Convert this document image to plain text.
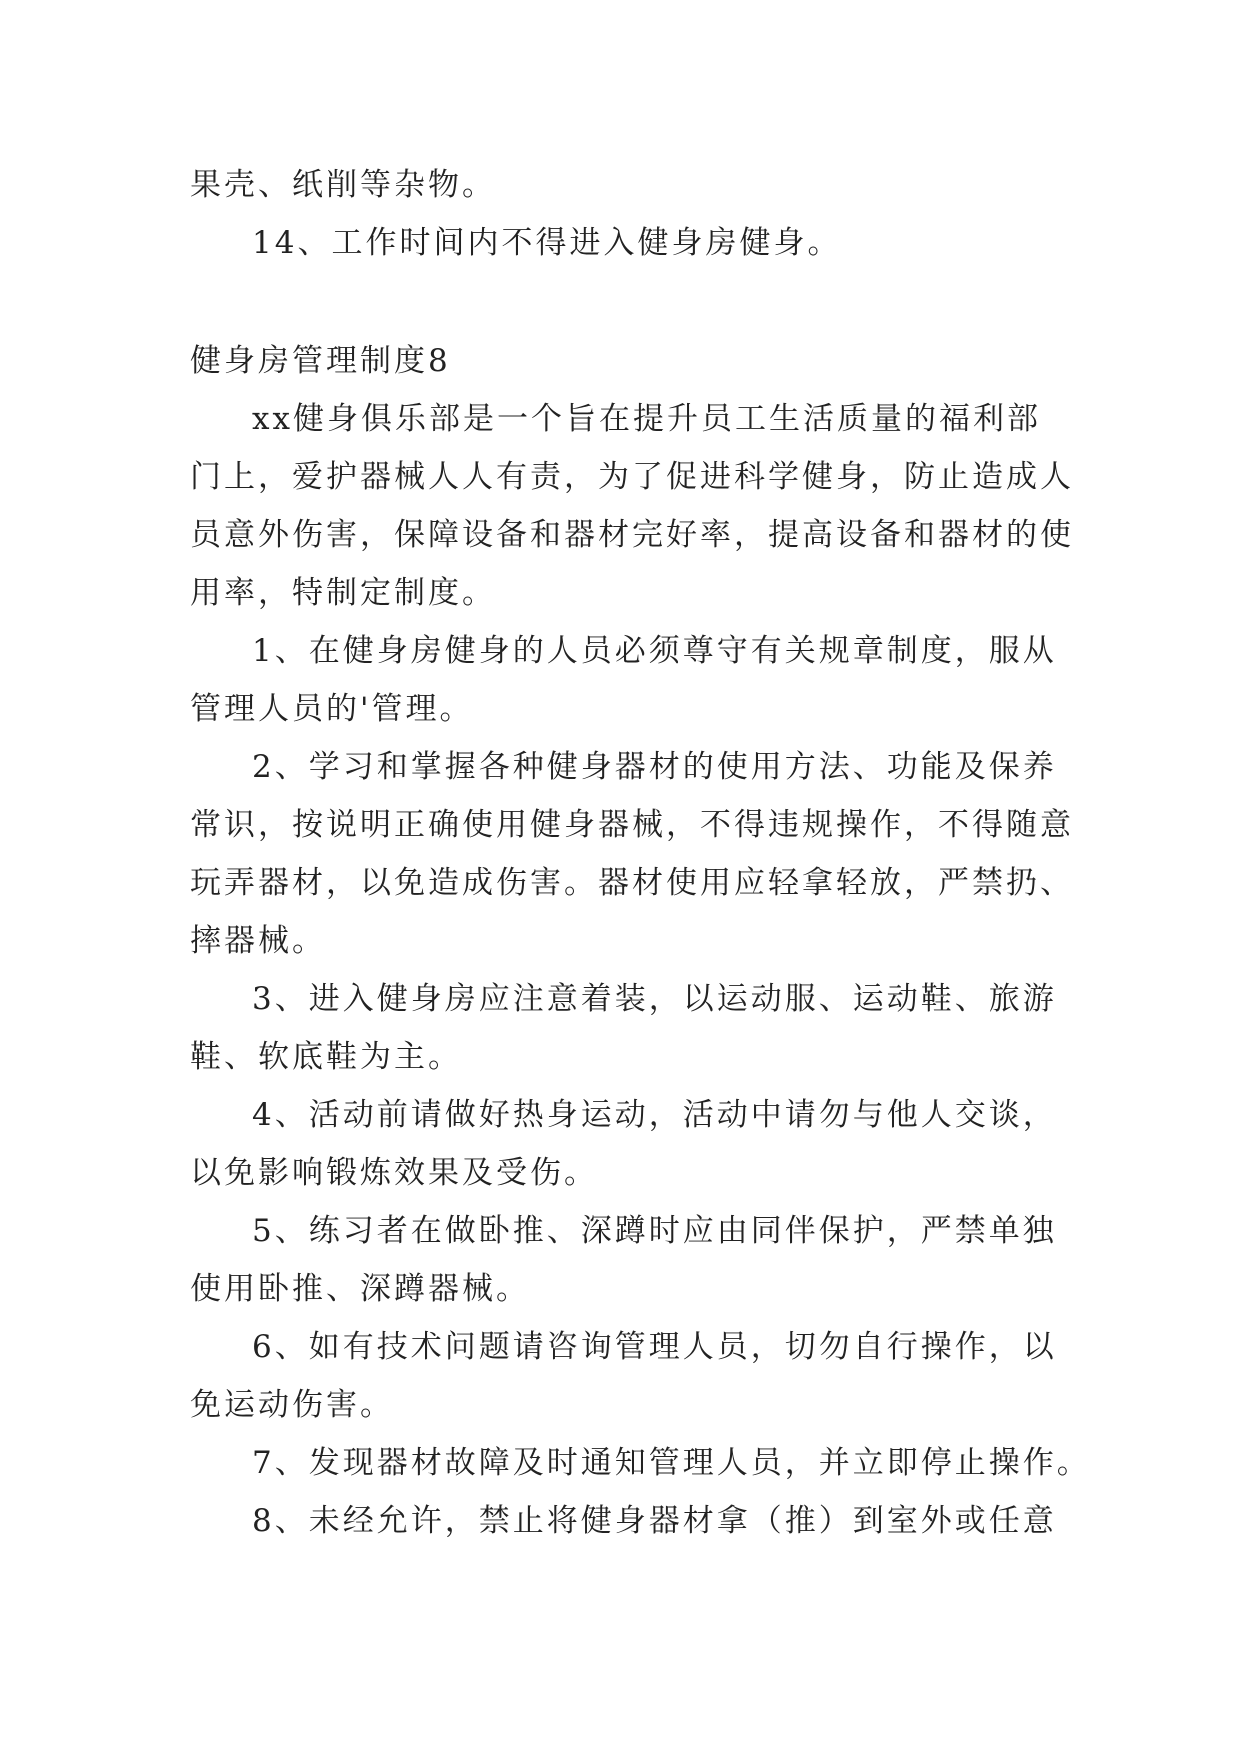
果壳、纸削等杂物。
14、工作时间内不得进入健身房健身。
健身房管理制度8
xx健身俱乐部是一个旨在提升员工生活质量的福利部
门上，爱护器械人人有责，为了促进科学健身，防止造成人
员意外伤害，保障设备和器材完好率，提高设备和器材的使
用率，特制定制度。
1、在健身房健身的人员必须尊守有关规章制度，服从
管理人员的'管理。
2、学习和掌握各种健身器材的使用方法、功能及保养
常识，按说明正确使用健身器械，不得违规操作，不得随意
玩弄器材，以免造成伤害。器材使用应轻拿轻放，严禁扔、
摔器械。
3、进入健身房应注意着装，以运动服、运动鞋、旅游
鞋、软底鞋为主。
4、活动前请做好热身运动，活动中请勿与他人交谈，
以免影响锻炼效果及受伤。
5、练习者在做卧推、深蹲时应由同伴保护，严禁单独
使用卧推、深蹲器械。
6、如有技术问题请咨询管理人员，切勿自行操作，以
免运动伤害。
7、发现器材故障及时通知管理人员，并立即停止操作。
8、未经允许，禁止将健身器材拿（推）到室外或任意
